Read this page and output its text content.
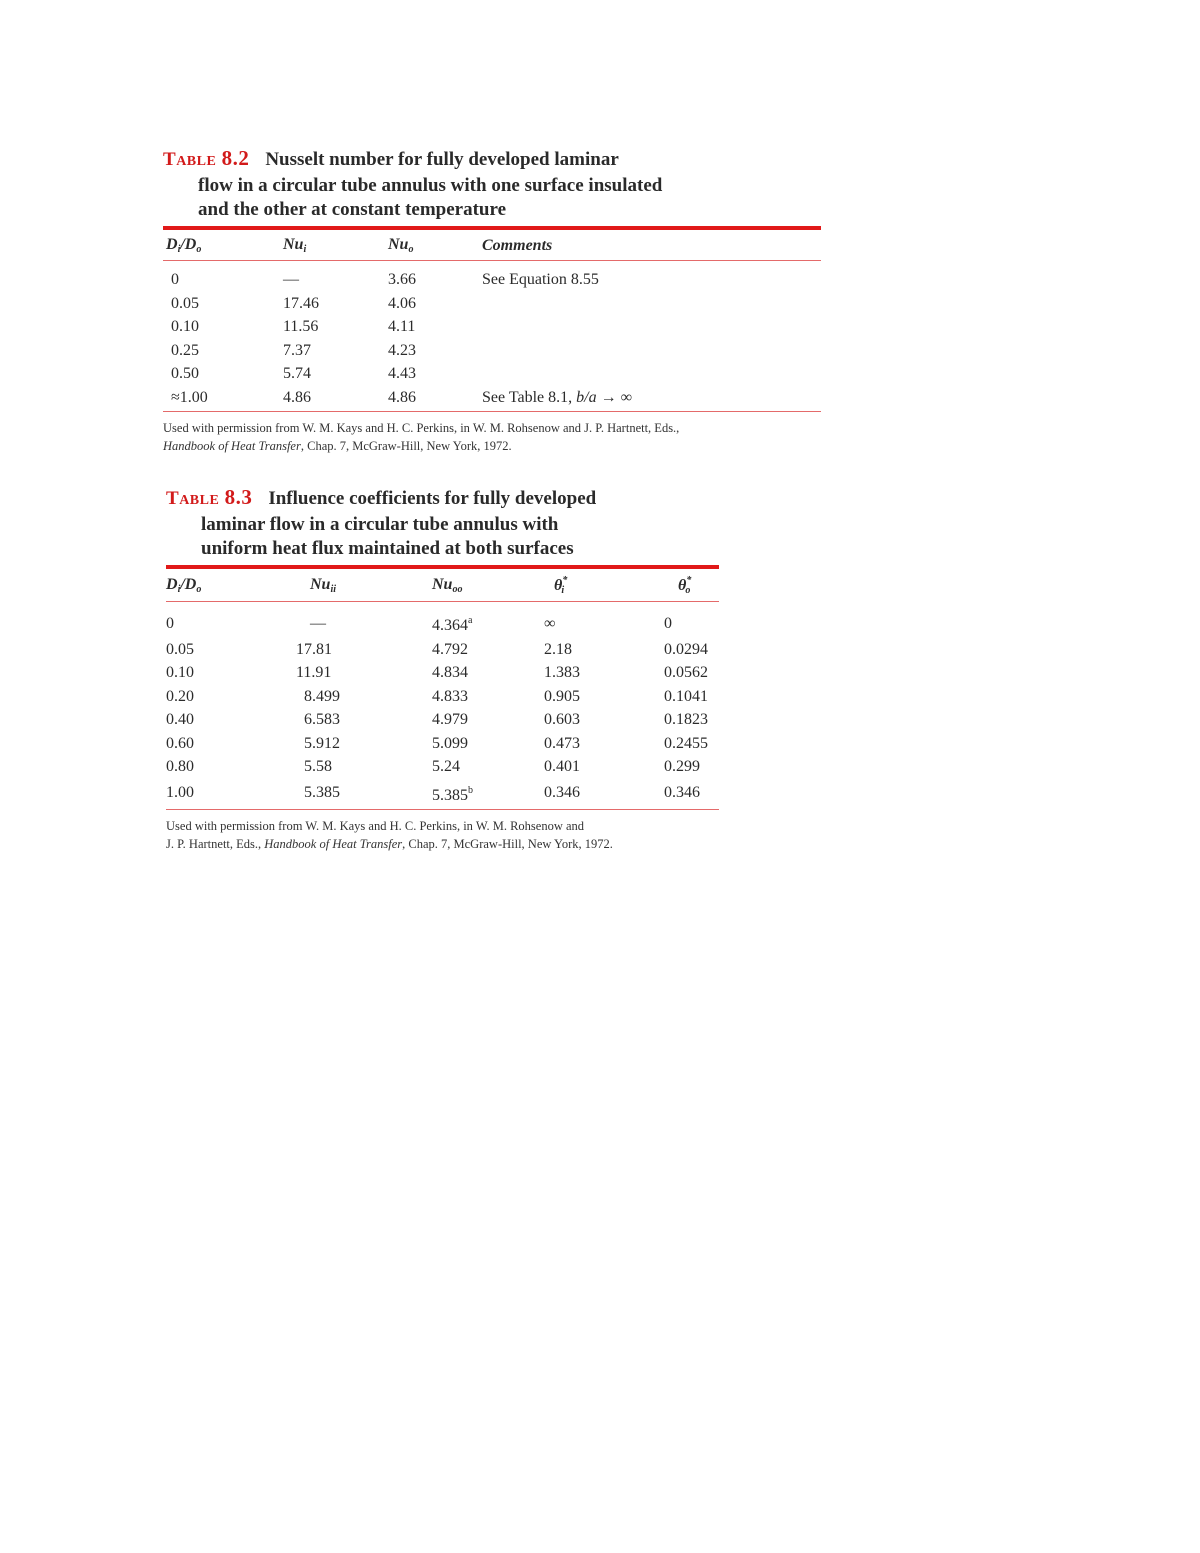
TABLE 8.2 Nusselt number for fully developed laminar
flow in a circular tube annulus with one surface insulated
and the other at constant temperature
$D_i/D_o$	$Nu_i$	$Nu_o$	Comments
0	—	3.66	See Equation 8.55
0.05	17.46	4.06	
0.10	11.56	4.11	
0.25	7.37	4.23	
0.50	5.74	4.43	
≈1.00	4.86	4.86	See Table 8.1, b/a → ∞
Used with permission from W. M. Kays and H. C. Perkins, in W. M. Rohsenow and J. P. Hartnett, Eds.,
Handbook of Heat Transfer, Chap. 7, McGraw-Hill, New York, 1972.
TABLE 8.3 Influence coefficients for fully developed
laminar flow in a circular tube annulus with
uniform heat flux maintained at both surfaces
$D_i/D_o$	$Nu_{ii}$	$Nu_{oo}$	$\theta^*_i$	$\theta^*_o$
0	—	4.364$^a$	∞	0
0.05	17.81	4.792	2.18	0.0294
0.10	11.91	4.834	1.383	0.0562
0.20	8.499	4.833	0.905	0.1041
0.40	6.583	4.979	0.603	0.1823
0.60	5.912	5.099	0.473	0.2455
0.80	5.58	5.24	0.401	0.299
1.00	5.385	5.385$^b$	0.346	0.346
Used with permission from W. M. Kays and H. C. Perkins, in W. M. Rohsenow and
J. P. Hartnett, Eds., Handbook of Heat Transfer, Chap. 7, McGraw-Hill, New York, 1972.
